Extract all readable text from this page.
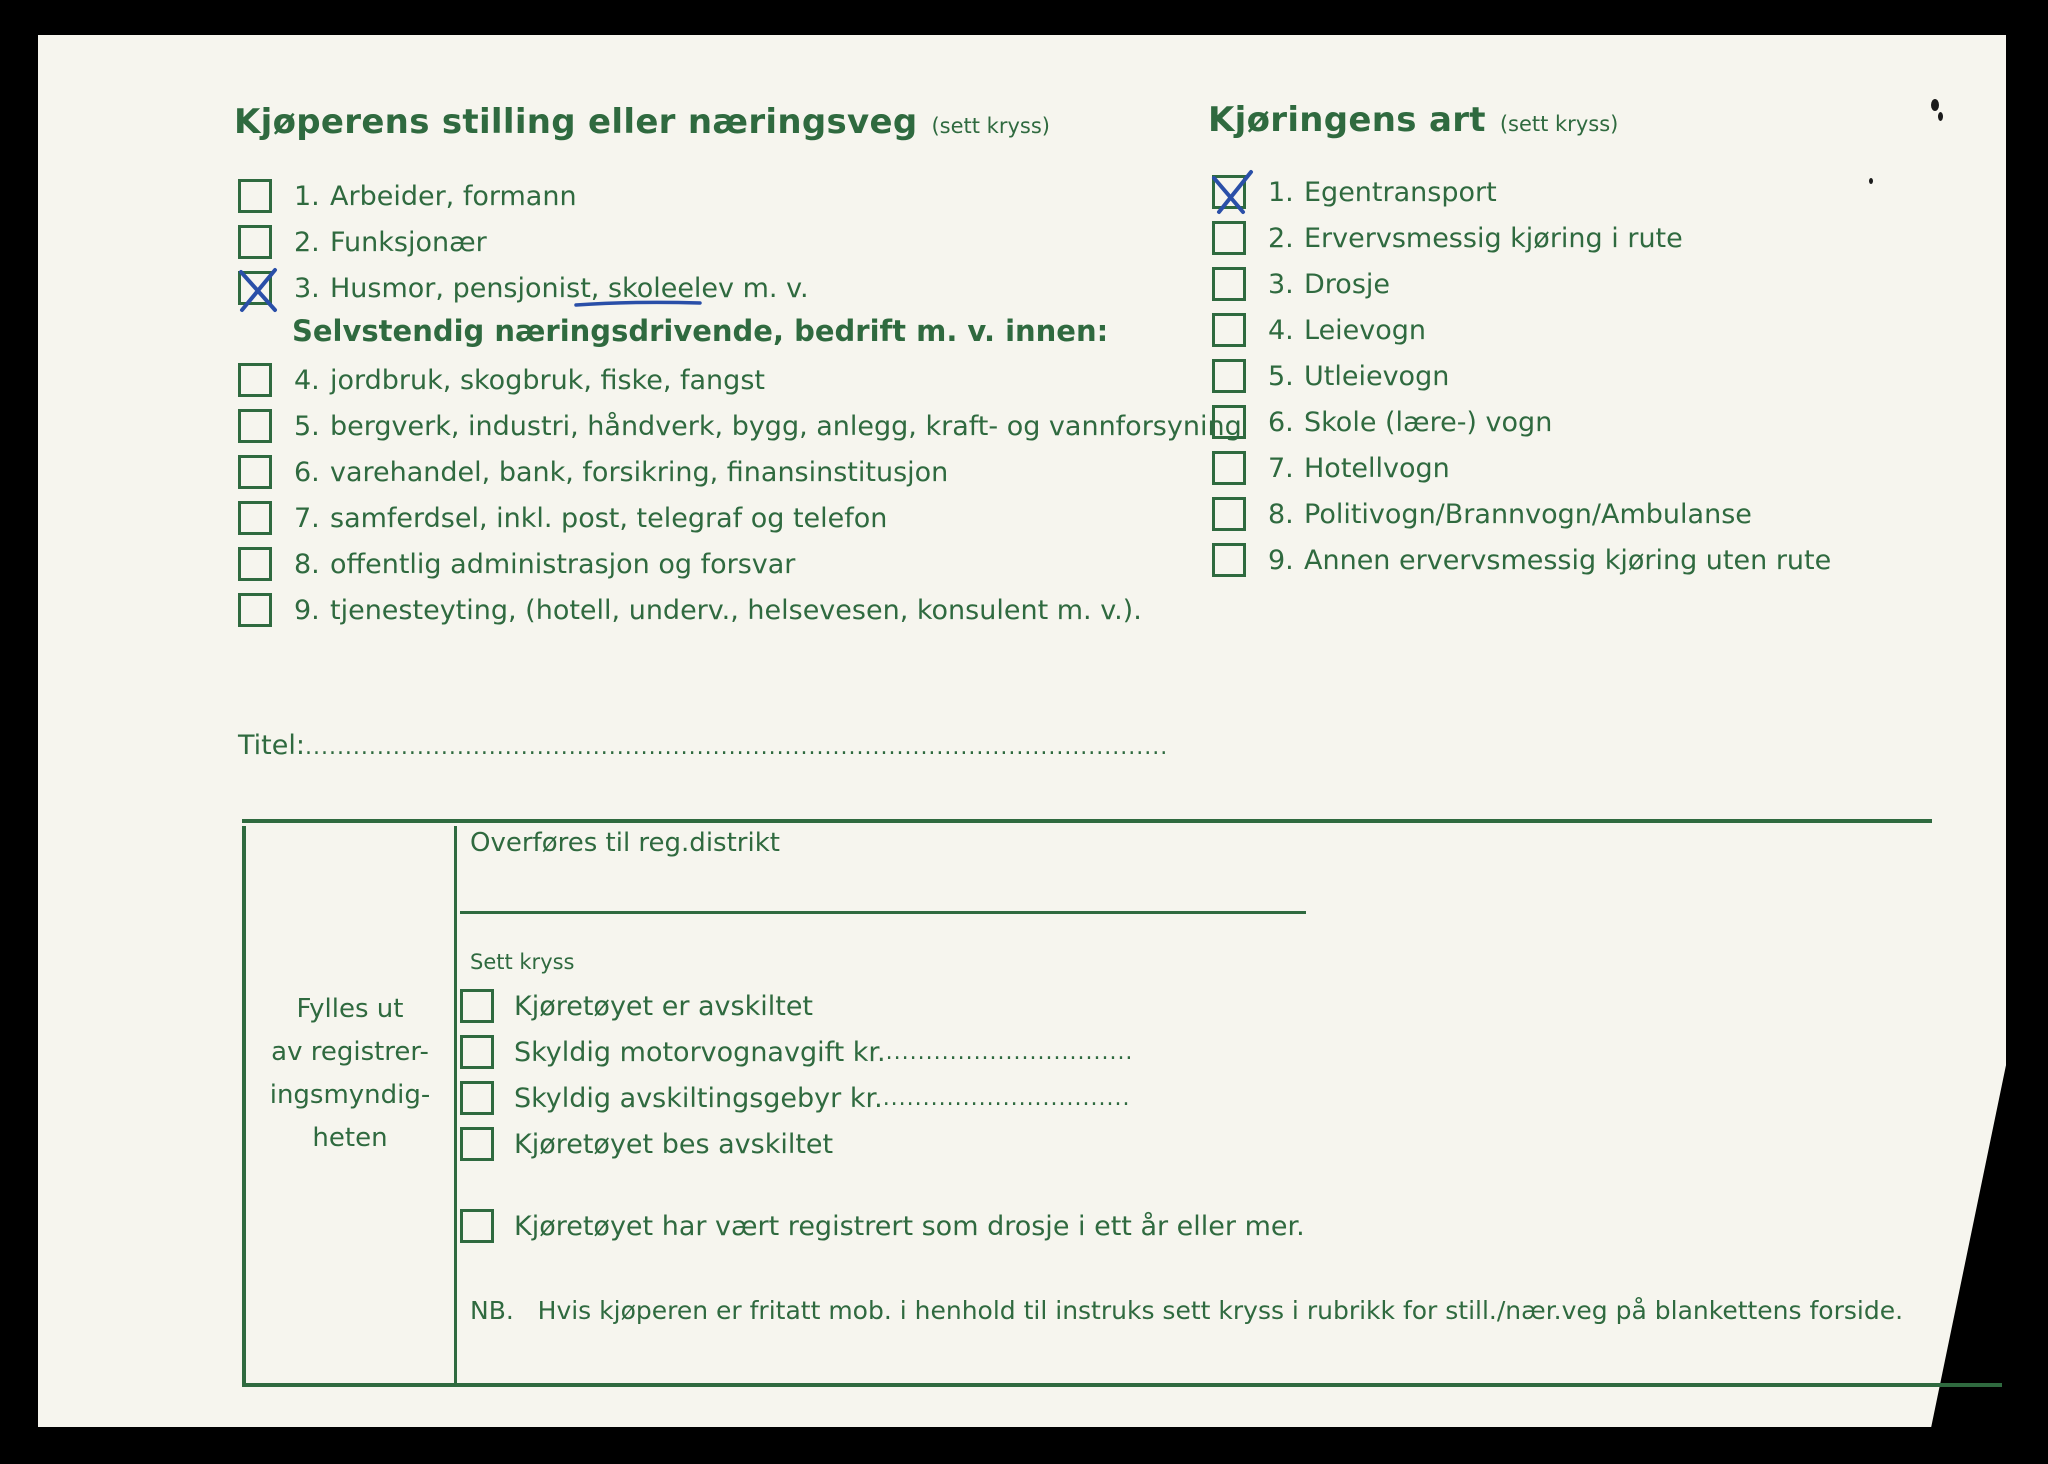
Kjøperens stilling eller næringsveg (sett kryss)
1. Arbeider, formann
2. Funksjonær
3. Husmor, pensjonist, skoleelev m. v.
Selvstendig næringsdrivende, bedrift m. v. innen:
4. jordbruk, skogbruk, fiske, fangst
5. bergverk, industri, håndverk, bygg, anlegg, kraft- og vannforsyning
6. varehandel, bank, forsikring, finansinstitusjon
7. samferdsel, inkl. post, telegraf og telefon
8. offentlig administrasjon og forsvar
9. tjenesteyting, (hotell, underv., helsevesen, konsulent m. v.).
Kjøringens art (sett kryss)
1. Egentransport
2. Ervervsmessig kjøring i rute
3. Drosje
4. Leievogn
5. Utleievogn
6. Skole (lære-) vogn
7. Hotellvogn
8. Politivogn/Brannvogn/Ambulanse
9. Annen ervervsmessig kjøring uten rute
Titel:............................................................................................................
Fylles ut
av registrer-
ingsmyndig-
heten
Overføres til reg.distrikt
Sett kryss
Kjøretøyet er avskiltet
Skyldig motorvognavgift kr. ...............................
Skyldig avskiltingsgebyr kr. ...............................
Kjøretøyet bes avskiltet
Kjøretøyet har vært registrert som drosje i ett år eller mer.
NB.   Hvis kjøperen er fritatt mob. i henhold til instruks sett kryss i rubrikk for still./nær.veg på blankettens forside.
